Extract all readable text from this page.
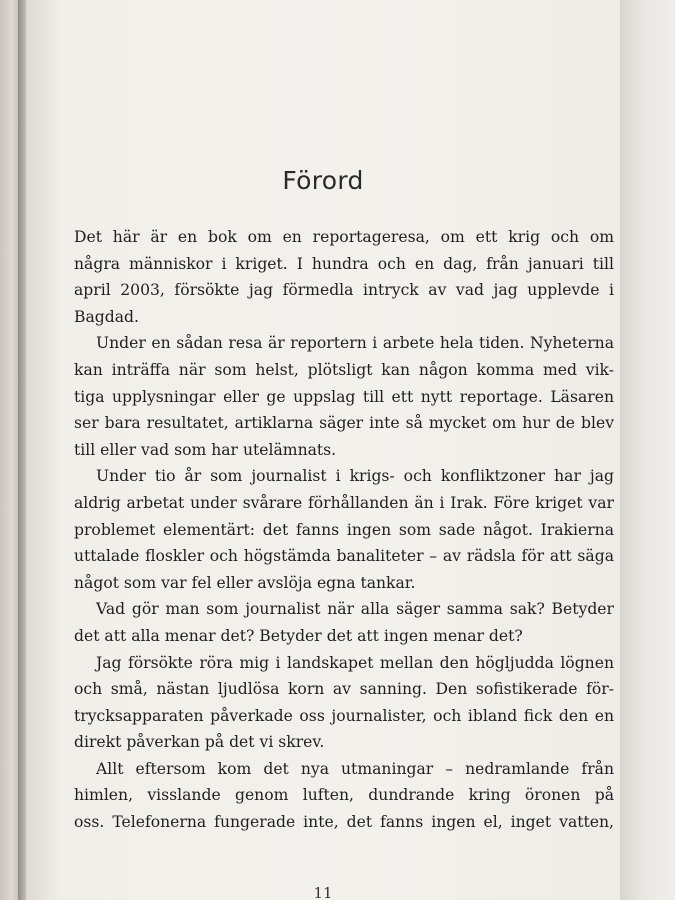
Förord
Det här är en bok om en reportageresa, om ett krig och om
några människor i kriget. I hundra och en dag, från januari till
april 2003, försökte jag förmedla intryck av vad jag upplevde i
Bagdad.
Under en sådan resa är reportern i arbete hela tiden. Nyheterna
kan inträffa när som helst, plötsligt kan någon komma med vik-
tiga upplysningar eller ge uppslag till ett nytt reportage. Läsaren
ser bara resultatet, artiklarna säger inte så mycket om hur de blev
till eller vad som har utelämnats.
Under tio år som journalist i krigs- och konfliktzoner har jag
aldrig arbetat under svårare förhållanden än i Irak. Före kriget var
problemet elementärt: det fanns ingen som sade något. Irakierna
uttalade floskler och högstämda banaliteter – av rädsla för att säga
något som var fel eller avslöja egna tankar.
Vad gör man som journalist när alla säger samma sak? Betyder
det att alla menar det? Betyder det att ingen menar det?
Jag försökte röra mig i landskapet mellan den högljudda lögnen
och små, nästan ljudlösa korn av sanning. Den sofistikerade för-
trycksapparaten påverkade oss journalister, och ibland fick den en
direkt påverkan på det vi skrev.
Allt eftersom kom det nya utmaningar – nedramlande från
himlen, visslande genom luften, dundrande kring öronen på
oss. Telefonerna fungerade inte, det fanns ingen el, inget vatten,
11
